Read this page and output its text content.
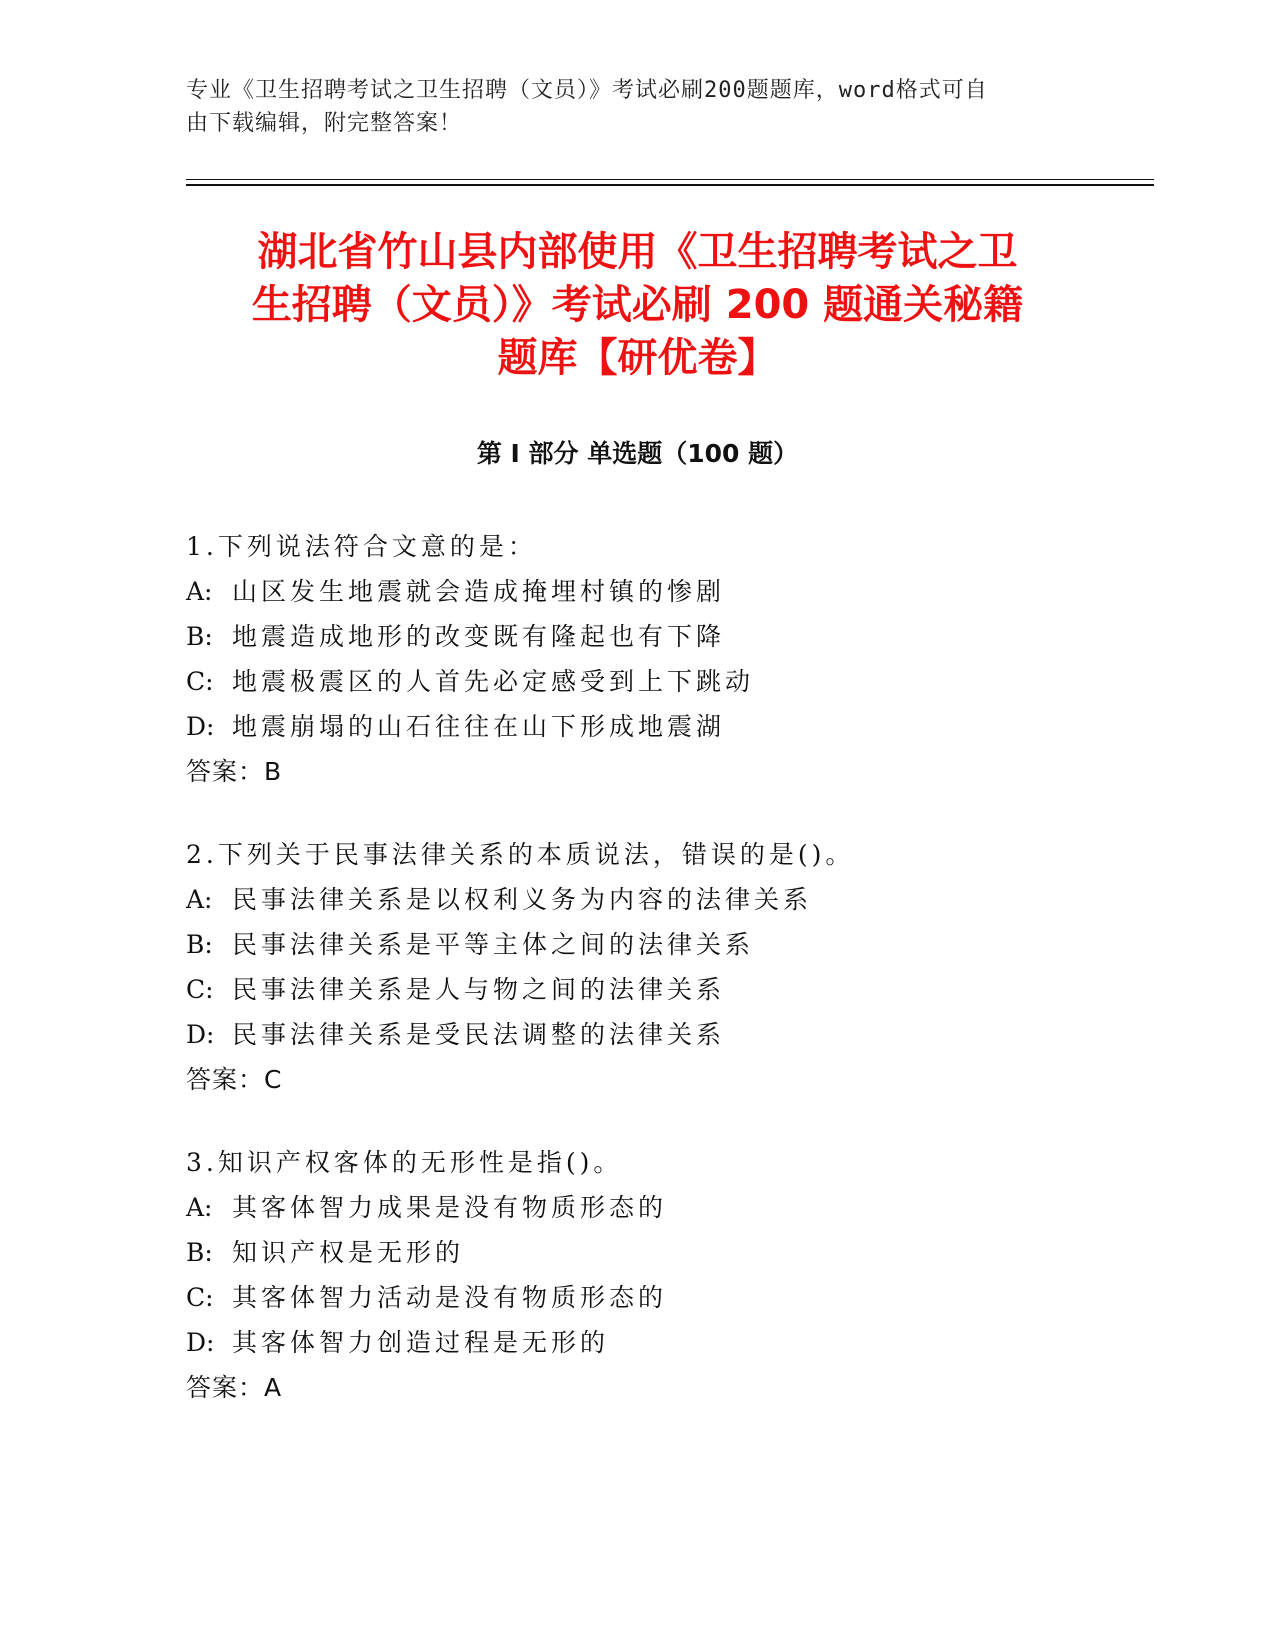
专业《卫生招聘考试之卫生招聘（文员）》考试必刷200题题库，word格式可自
由下载编辑，附完整答案！
湖北省竹山县内部使用《卫生招聘考试之卫
生招聘（文员）》考试必刷 200 题通关秘籍
题库【研优卷】
第 I 部分 单选题（100 题）
1.下列说法符合文意的是：
A: 山区发生地震就会造成掩埋村镇的惨剧
B: 地震造成地形的改变既有隆起也有下降
C: 地震极震区的人首先必定感受到上下跳动
D: 地震崩塌的山石往往在山下形成地震湖
答案：B
2.下列关于民事法律关系的本质说法，错误的是()。
A: 民事法律关系是以权利义务为内容的法律关系
B: 民事法律关系是平等主体之间的法律关系
C: 民事法律关系是人与物之间的法律关系
D: 民事法律关系是受民法调整的法律关系
答案：C
3.知识产权客体的无形性是指()。
A: 其客体智力成果是没有物质形态的
B: 知识产权是无形的
C: 其客体智力活动是没有物质形态的
D: 其客体智力创造过程是无形的
答案：A
